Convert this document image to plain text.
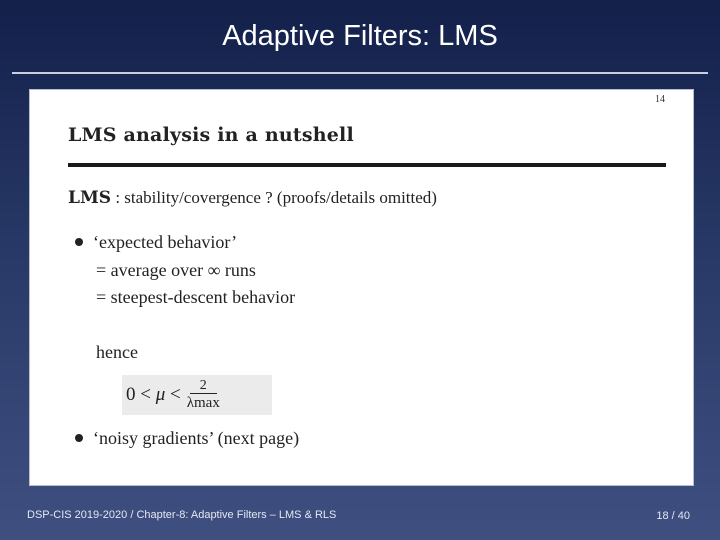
Adaptive Filters: LMS
14
LMS analysis in a nutshell
LMS : stability/covergence ? (proofs/details omitted)
‘expected behavior’
= average over ∞ runs
= steepest-descent behavior
hence
$0 < \mu < \frac{2}{\lambda\max}$
‘noisy gradients’ (next page)
DSP-CIS 2019-2020 / Chapter-8: Adaptive Filters – LMS & RLS	18 / 40
